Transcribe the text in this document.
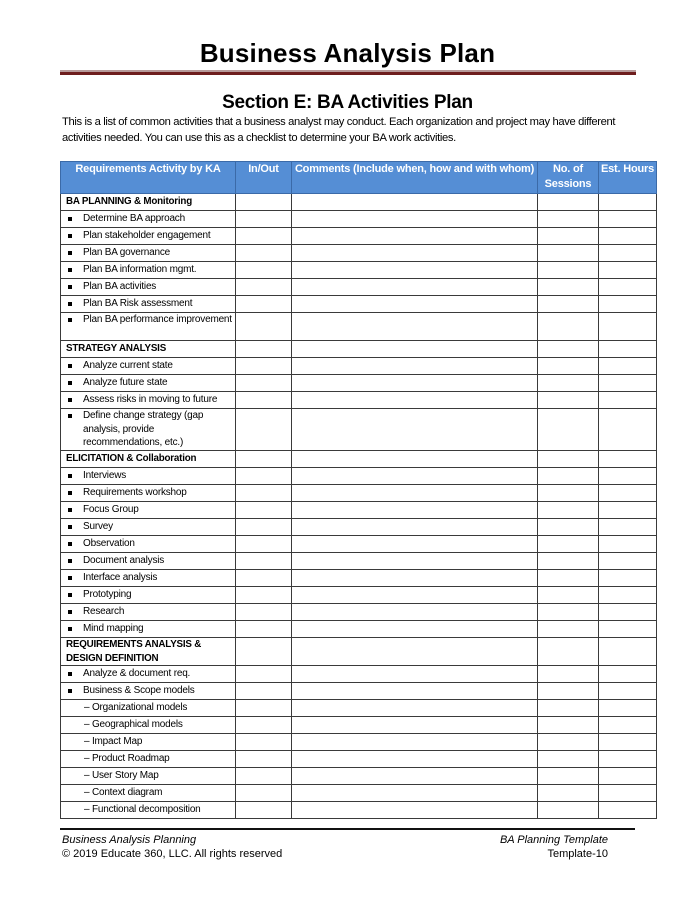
Business Analysis Plan
Section E: BA Activities Plan
This is a list of common activities that a business analyst may conduct. Each organization and project may have different activities needed. You can use this as a checklist to determine your BA work activities.
Requirements Activity by KA	In/Out	Comments (Include when, how and with whom)	No. of Sessions	Est. Hours
BA PLANNING & Monitoring				

Determine BA approach				

Plan stakeholder engagement				

Plan BA governance				

Plan BA information mgmt.				

Plan BA activities				

Plan BA Risk assessment				

Plan BA performance improvement				

STRATEGY ANALYSIS				

Analyze current state				

Analyze future state				

Assess risks in moving to future				

Define change strategy (gap analysis, provide recommendations, etc.)				

ELICITATION & Collaboration				

Interviews				

Requirements workshop				

Focus Group				

Survey				

Observation				

Document analysis				

Interface analysis				

Prototyping				

Research				

Mind mapping				

REQUIREMENTS ANALYSIS & DESIGN DEFINITION				

Analyze & document req.				

Business & Scope models				

– Organizational models				

– Geographical models				

– Impact Map				

– Product Roadmap				

– User Story Map				

– Context diagram				

– Functional decomposition				

Business Analysis Planning
© 2019 Educate 360, LLC. All rights reserved
BA Planning Template
Template-10
